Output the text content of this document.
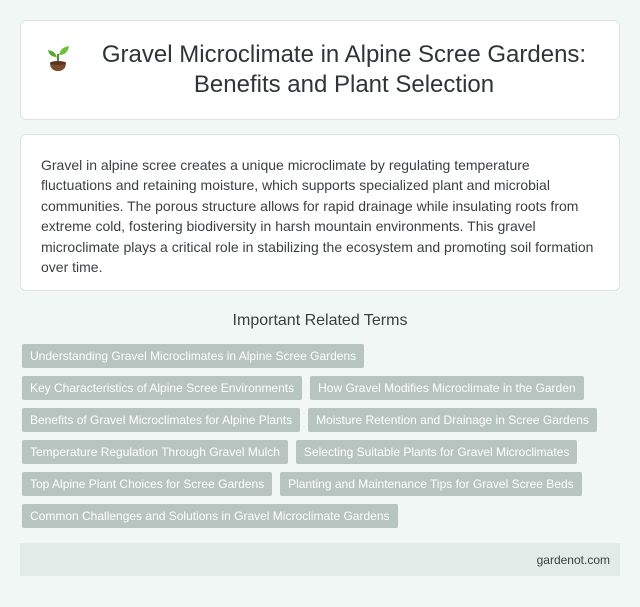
Gravel Microclimate in Alpine Scree Gardens: Benefits and Plant Selection

Gravel in alpine scree creates a unique microclimate by regulating temperature fluctuations and retaining moisture, which supports specialized plant and microbial communities. The porous structure allows for rapid drainage while insulating roots from extreme cold, fostering biodiversity in harsh mountain environments. This gravel microclimate plays a critical role in stabilizing the ecosystem and promoting soil formation over time.

Important Related Terms
Understanding Gravel Microclimates in Alpine Scree Gardens
Key Characteristics of Alpine Scree Environments	How Gravel Modifies Microclimate in the Garden
Benefits of Gravel Microclimates for Alpine Plants	Moisture Retention and Drainage in Scree Gardens
Temperature Regulation Through Gravel Mulch	Selecting Suitable Plants for Gravel Microclimates
Top Alpine Plant Choices for Scree Gardens	Planting and Maintenance Tips for Gravel Scree Beds
Common Challenges and Solutions in Gravel Microclimate Gardens
gardenot.com
